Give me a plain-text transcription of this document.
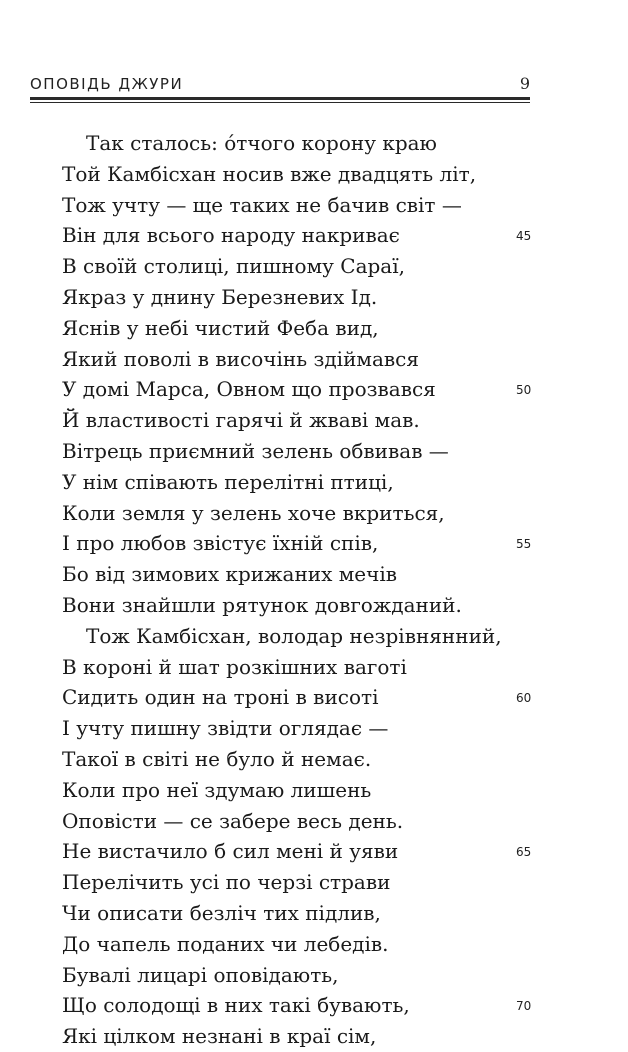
ОПОВІДЬ ДЖУРИ	9
Так сталось: óтчого корону краю
Той Камбісхан носив вже двадцять літ,
Тож учту — ще таких не бачив світ —
Він для всього народу накриває	45
В своїй столиці, пишному Сараї,
Якраз у днину Березневих Ід.
Яснів у небі чистий Феба вид,
Який поволі в височінь здіймався
У домі Марса, Овном що прозвався	50
Й властивості гарячі й жваві мав.
Вітрець приємний зелень обвивав —
У нім співають перелітні птиці,
Коли земля у зелень хоче вкриться,
І про любов звістує їхній спів,	55
Бо від зимових крижаних мечів
Вони знайшли рятунок довгожданий.
Тож Камбісхан, володар незрівнянний,
В короні й шат розкішних ваготі
Сидить один на троні в висоті	60
І учту пишну звідти оглядає —
Такої в світі не було й немає.
Коли про неї здумаю лишень
Оповісти — се забере весь день.
Не вистачило б сил мені й уяви	65
Перелічить усі по черзі страви
Чи описати безліч тих підлив,
До чапель поданих чи лебедів.
Бувалі лицарі оповідають,
Що солодощі в них такі бувають,	70
Які цілком незнані в краї сім,
